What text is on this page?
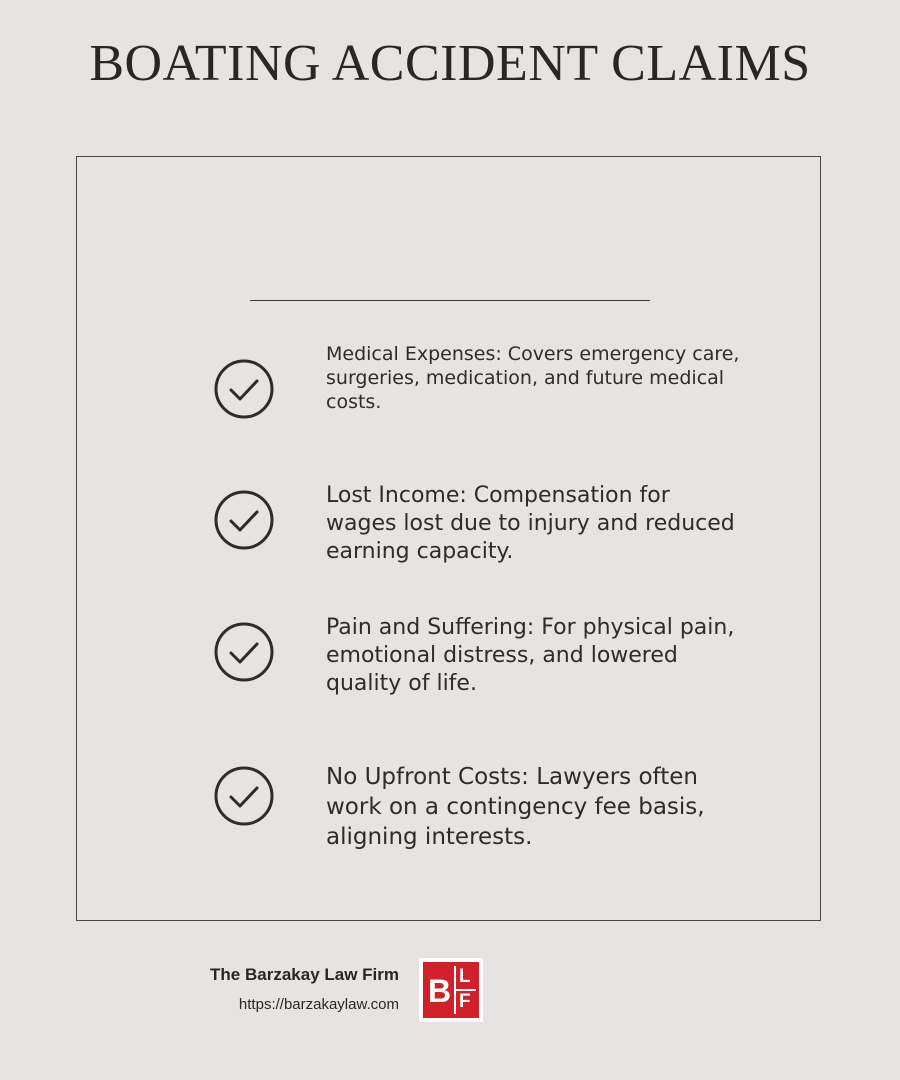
BOATING ACCIDENT CLAIMS
Medical Expenses: Covers emergency care, surgeries, medication, and future medical costs.
Lost Income: Compensation for wages lost due to injury and reduced earning capacity.
Pain and Suffering: For physical pain, emotional distress, and lowered quality of life.
No Upfront Costs: Lawyers often work on a contingency fee basis, aligning interests.
The Barzakay Law Firm
https://barzakaylaw.com B L
F
